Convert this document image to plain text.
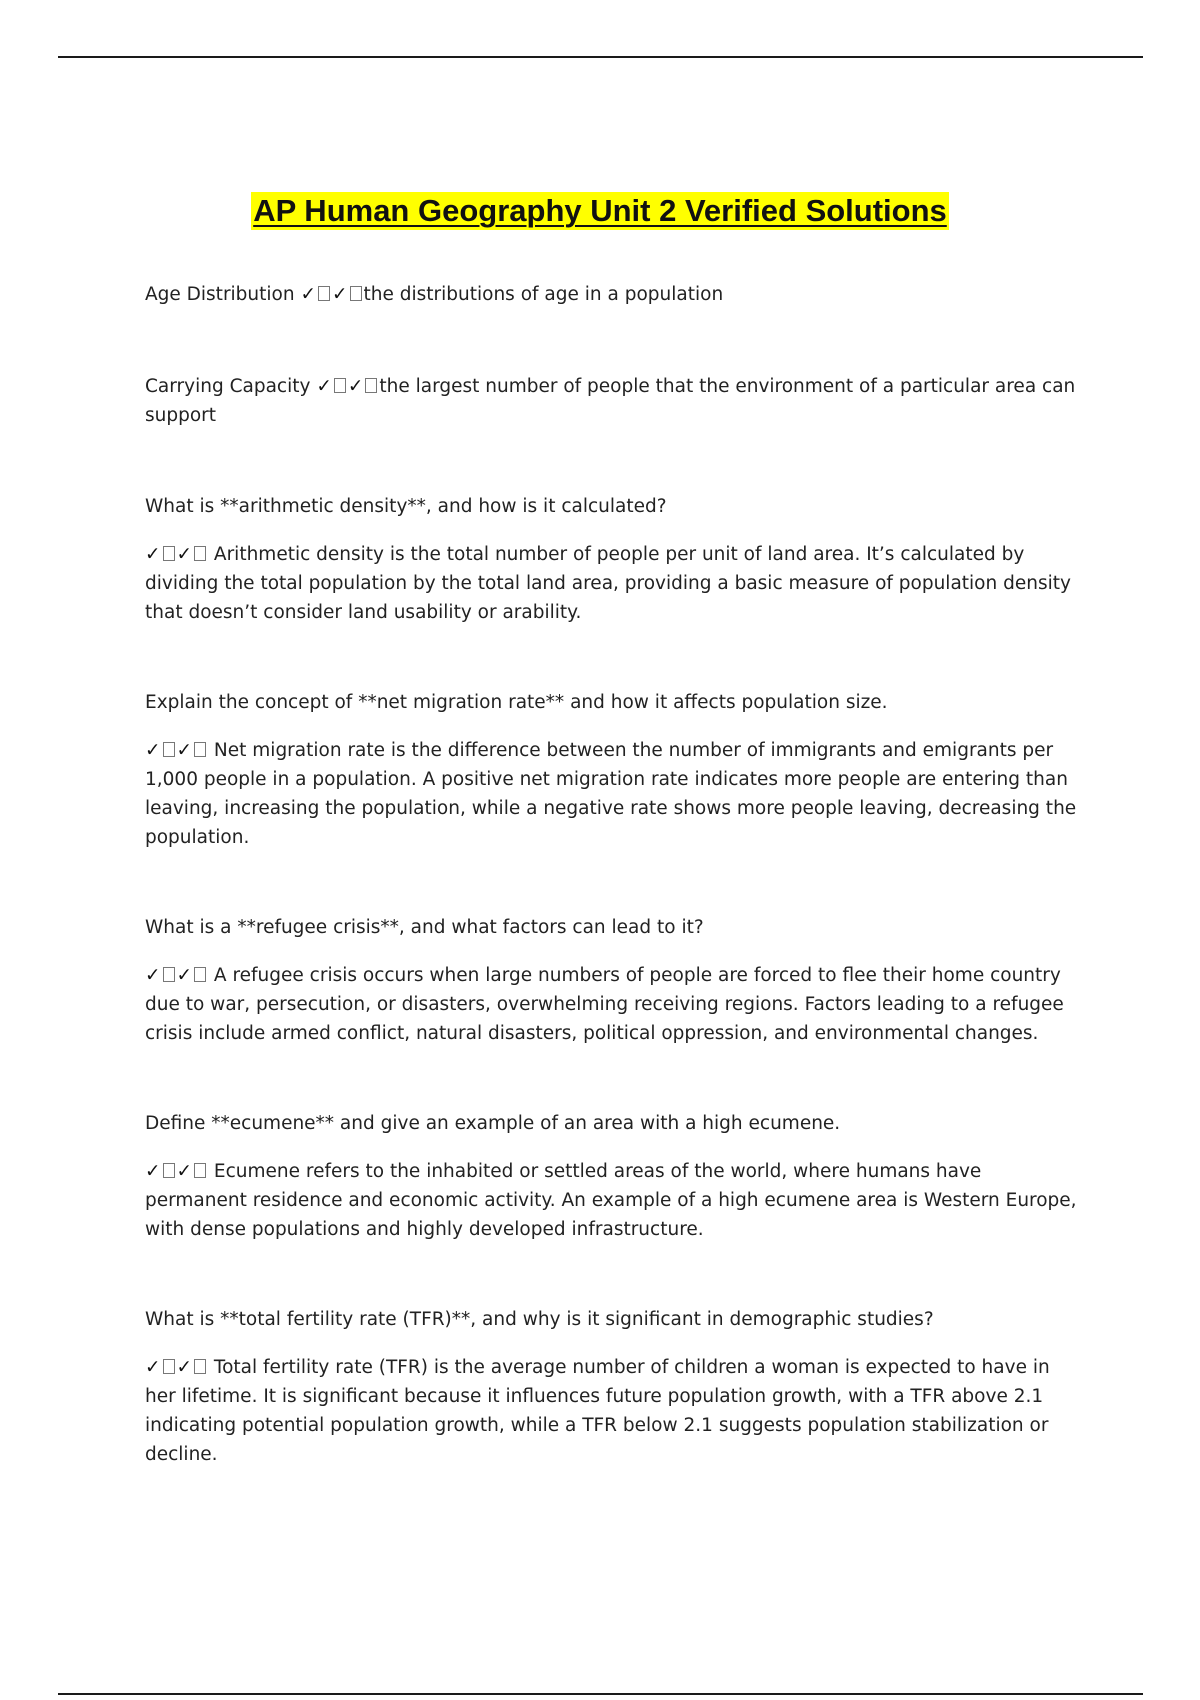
AP Human Geography Unit 2 Verified Solutions

Age Distribution ✓ ✓ the distributions of age in a population

Carrying Capacity ✓ ✓ the largest number of people that the environment of a particular area can support

What is **arithmetic density**, and how is it calculated?

✓ ✓ Arithmetic density is the total number of people per unit of land area. It’s calculated by dividing the total population by the total land area, providing a basic measure of population density that doesn’t consider land usability or arability.

Explain the concept of **net migration rate** and how it affects population size.

✓ ✓ Net migration rate is the difference between the number of immigrants and emigrants per 1,000 people in a population. A positive net migration rate indicates more people are entering than leaving, increasing the population, while a negative rate shows more people leaving, decreasing the population.

What is a **refugee crisis**, and what factors can lead to it?

✓ ✓ A refugee crisis occurs when large numbers of people are forced to flee their home country due to war, persecution, or disasters, overwhelming receiving regions. Factors leading to a refugee crisis include armed conflict, natural disasters, political oppression, and environmental changes.

Define **ecumene** and give an example of an area with a high ecumene.

✓ ✓ Ecumene refers to the inhabited or settled areas of the world, where humans have permanent residence and economic activity. An example of a high ecumene area is Western Europe, with dense populations and highly developed infrastructure.

What is **total fertility rate (TFR)**, and why is it significant in demographic studies?

✓ ✓ Total fertility rate (TFR) is the average number of children a woman is expected to have in her lifetime. It is significant because it influences future population growth, with a TFR above 2.1 indicating potential population growth, while a TFR below 2.1 suggests population stabilization or decline.
